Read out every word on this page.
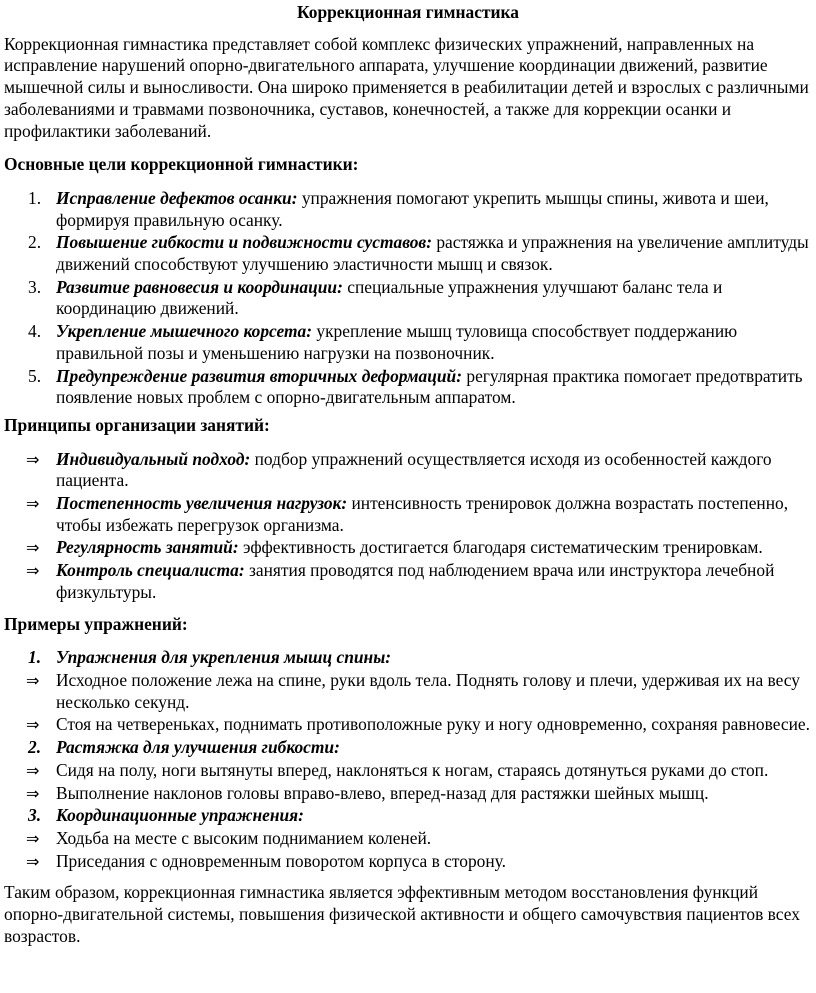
Коррекционная гимнастика

Коррекционная гимнастика представляет собой комплекс физических упражнений, направленных на исправление нарушений опорно-двигательного аппарата, улучшение координации движений, развитие мышечной силы и выносливости. Она широко применяется в реабилитации детей и взрослых с различными заболеваниями и травмами позвоночника, суставов, конечностей, а также для коррекции осанки и профилактики заболеваний.

Основные цели коррекционной гимнастики:

1. Исправление дефектов осанки: упражнения помогают укрепить мышцы спины, живота и шеи, формируя правильную осанку.
2. Повышение гибкости и подвижности суставов: растяжка и упражнения на увеличение амплитуды движений способствуют улучшению эластичности мышц и связок.
3. Развитие равновесия и координации: специальные упражнения улучшают баланс тела и координацию движений.
4. Укрепление мышечного корсета: укрепление мышц туловища способствует поддержанию правильной позы и уменьшению нагрузки на позвоночник.
5. Предупреждение развития вторичных деформаций: регулярная практика помогает предотвратить появление новых проблем с опорно-двигательным аппаратом.

Принципы организации занятий:

⇒ Индивидуальный подход: подбор упражнений осуществляется исходя из особенностей каждого пациента.
⇒ Постепенность увеличения нагрузок: интенсивность тренировок должна возрастать постепенно, чтобы избежать перегрузок организма.
⇒ Регулярность занятий: эффективность достигается благодаря систематическим тренировкам.
⇒ Контроль специалиста: занятия проводятся под наблюдением врача или инструктора лечебной физкультуры.

Примеры упражнений:

1. Упражнения для укрепления мышц спины:
⇒ Исходное положение лежа на спине, руки вдоль тела. Поднять голову и плечи, удерживая их на весу несколько секунд.
⇒ Стоя на четвереньках, поднимать противоположные руку и ногу одновременно, сохраняя равновесие.
2. Растяжка для улучшения гибкости:
⇒ Сидя на полу, ноги вытянуты вперед, наклоняться к ногам, стараясь дотянуться руками до стоп.
⇒ Выполнение наклонов головы вправо-влево, вперед-назад для растяжки шейных мышц.
3. Координационные упражнения:
⇒ Ходьба на месте с высоким подниманием коленей.
⇒ Приседания с одновременным поворотом корпуса в сторону.

Таким образом, коррекционная гимнастика является эффективным методом восстановления функций опорно-двигательной системы, повышения физической активности и общего самочувствия пациентов всех возрастов.
